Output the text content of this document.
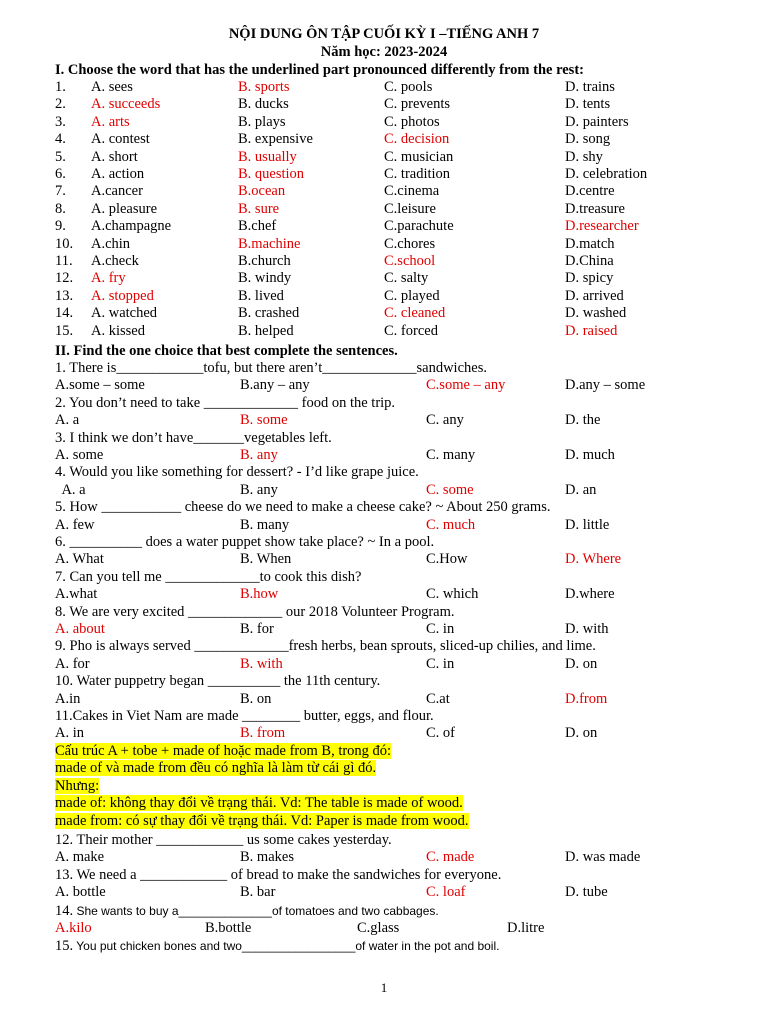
NỘI DUNG ÔN TẬP CUỐI KỲ I –TIẾNG ANH 7
Năm học: 2023-2024
I. Choose the word that has the underlined part pronounced differently from the rest:
1. A. sees	B. sports	C. pools	D. trains
2. A. succeeds	B. ducks	C. prevents	D. tents
3. A. arts	B. plays	C. photos	D. painters
4. A. contest	B. expensive	C. decision	D. song
5. A. short	B. usually	C. musician	D. shy
6. A. action	B. question	C. tradition	D. celebration
7. A.cancer	B.ocean	C.cinema	D.centre
8. A. pleasure	B. sure	C.leisure	D.treasure
9. A.champagne	B.chef	C.parachute	D.researcher
10. A.chin	B.machine	C.chores	D.match
11. A.check	B.church	C.school	D.China
12. A. fry	B. windy	C. salty	D. spicy
13. A. stopped	B. lived	C. played	D. arrived
14. A. watched	B. crashed	C. cleaned	D. washed
15. A. kissed	B. helped	C. forced	D. raised
II. Find the one choice that best complete the sentences.
1. There is____________tofu, but there aren’t_____________sandwiches.
A.some – some	B.any – any	C.some – any	D.any – some
2. You don’t need to take _____________ food on the trip.
A. a	B. some	C. any	D. the
3. I think we don’t have_______vegetables left.
A. some	B. any	C. many	D. much
4. Would you like something for dessert? - I’d like grape juice.
A. a	B. any	C. some	D. an
5. How ___________ cheese do we need to make a cheese cake? ~ About 250 grams.
A. few	B. many	C. much	D. little
6. __________ does a water puppet show take place? ~ In a pool.
A. What	B. When	C.How	D. Where
7. Can you tell me _____________to cook this dish?
A.what	B.how	C. which	D.where
8. We are very excited _____________ our 2018 Volunteer Program.
A. about	B. for	C. in	D. with
9. Pho is always served _____________fresh herbs, bean sprouts, sliced-up chilies, and lime.
A. for	B. with	C. in	D. on
10. Water puppetry began __________ the 11th century.
A.in	B. on	C.at	D.from
11.Cakes in Viet Nam are made ________ butter, eggs, and flour.
A. in	B. from	C. of	D. on
Cấu trúc A + tobe + made of hoặc made from B, trong đó:
made of và made from đều có nghĩa là làm từ cái gì đó.
Nhưng:
made of: không thay đổi về trạng thái. Vd: The table is made of wood.
made from: có sự thay đổi về trạng thái. Vd: Paper is made from wood.
12. Their mother ____________ us some cakes yesterday.
A. make	B. makes	C. made	D. was made
13. We need a ____________ of bread to make the sandwiches for everyone.
A. bottle	B. bar	C. loaf	D. tube
14. She wants to buy a______________of tomatoes and two cabbages.
A.kilo	B.bottle	C.glass	D.litre
15. You put chicken bones and two_________________of water in the pot and boil.
1
